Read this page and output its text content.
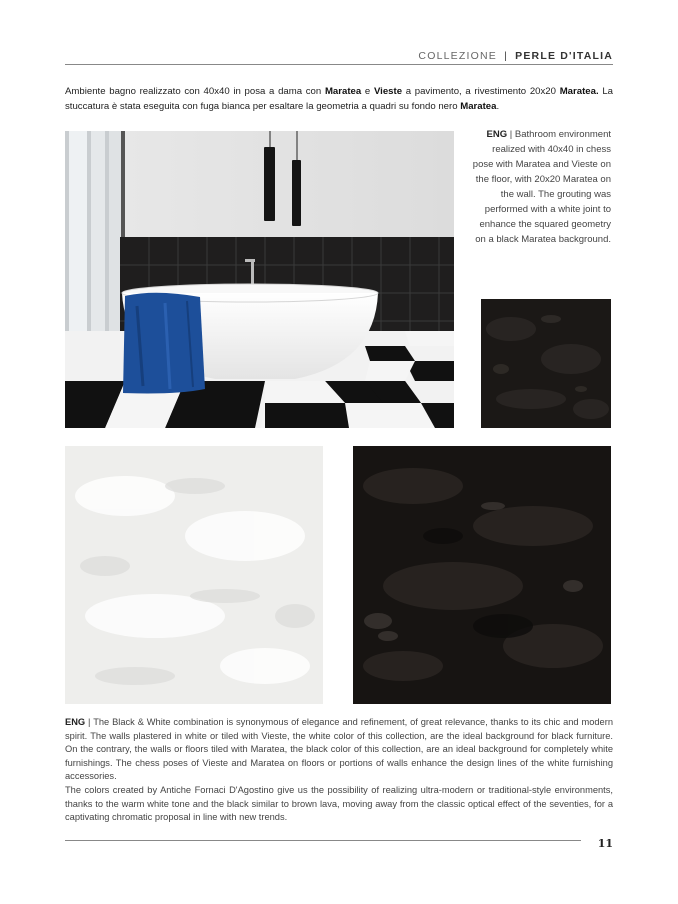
COLLEZIONE | PERLE D'ITALIA

Ambiente bagno realizzato con 40x40 in posa a dama con Maratea e Vieste a pavimento, a rivestimento 20x20 Maratea. La stuccatura è stata eseguita con fuga bianca per esaltare la geometria a quadri su fondo nero Maratea.

ENG | Bathroom environment realized with 40x40 in chess pose with Maratea and Vieste on the floor, with 20x20 Maratea on the wall. The grouting was performed with a white joint to enhance the squared geometry on a black Maratea background.

ENG | The Black & White combination is synonymous of elegance and refinement, of great relevance, thanks to its chic and modern spirit. The walls plastered in white or tiled with Vieste, the white color of this collection, are the ideal background for black furniture. On the contrary, the walls or floors tiled with Maratea, the black color of this collection, are an ideal background for completely white furnishings. The chess poses of Vieste and Maratea on floors or portions of walls enhance the design lines of the white furnishing accessories.

The colors created by Antiche Fornaci D'Agostino give us the possibility of realizing ultra-modern or traditional-style environments, thanks to the warm white tone and the black similar to brown lava, moving away from the classic optical effect of the seventies, for a captivating chromatic proposal in line with new trends.

11
